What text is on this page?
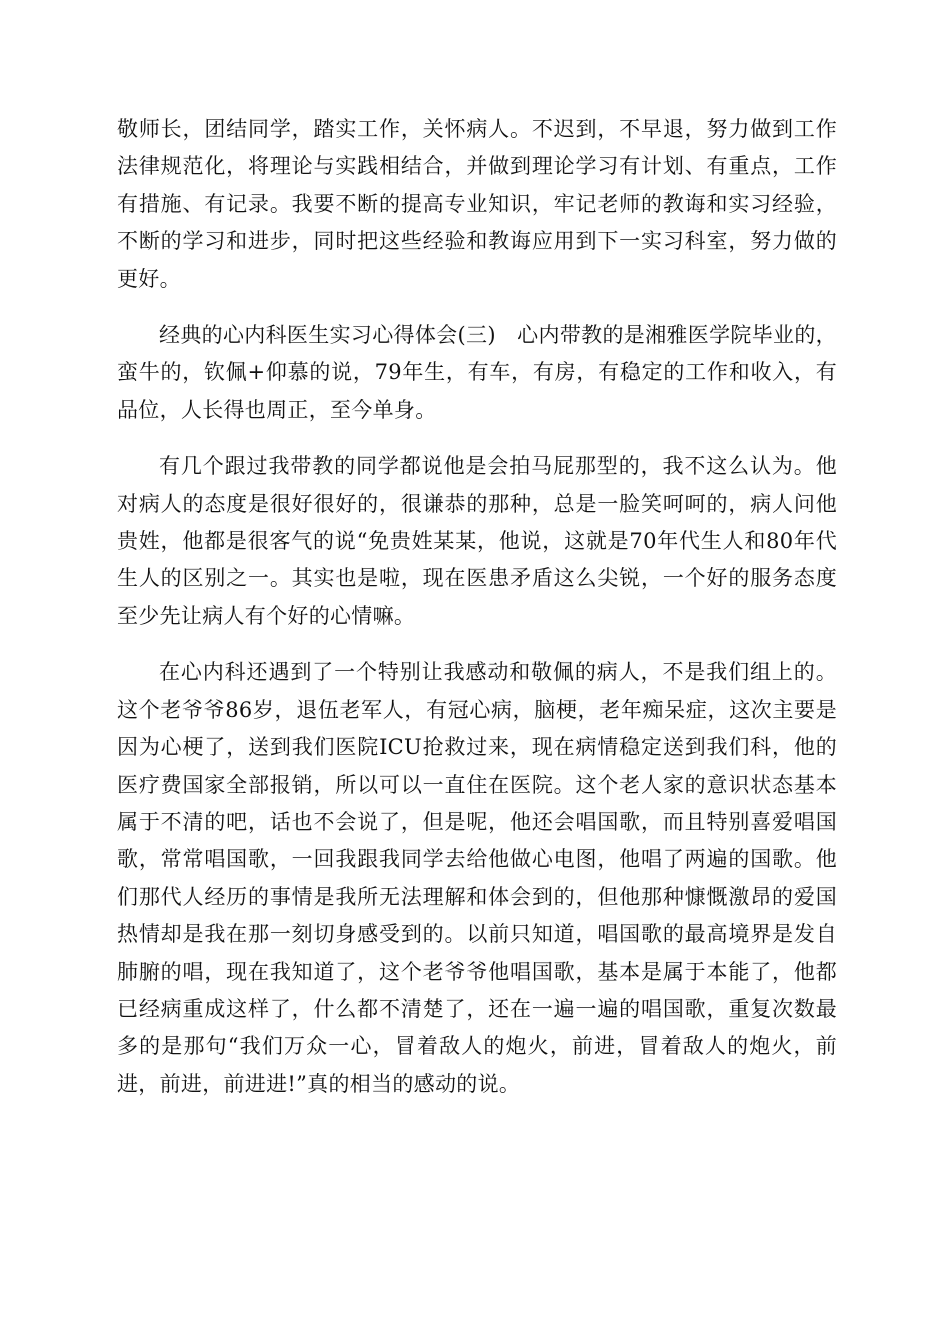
敬师长，团结同学，踏实工作，关怀病人。不迟到，不早退，努力做到工作法律规范化，将理论与实践相结合，并做到理论学习有计划、有重点，工作有措施、有记录。我要不断的提高专业知识，牢记老师的教诲和实习经验，不断的学习和进步，同时把这些经验和教诲应用到下一实习科室，努力做的更好。

经典的心内科医生实习心得体会(三)　心内带教的是湘雅医学院毕业的，蛮牛的，钦佩+仰慕的说，79年生，有车，有房，有稳定的工作和收入，有品位，人长得也周正，至今单身。

有几个跟过我带教的同学都说他是会拍马屁那型的，我不这么认为。他对病人的态度是很好很好的，很谦恭的那种，总是一脸笑呵呵的，病人问他贵姓，他都是很客气的说“免贵姓某某，他说，这就是70年代生人和80年代生人的区别之一。其实也是啦，现在医患矛盾这么尖锐，一个好的服务态度至少先让病人有个好的心情嘛。

在心内科还遇到了一个特别让我感动和敬佩的病人，不是我们组上的。这个老爷爷86岁，退伍老军人，有冠心病，脑梗，老年痴呆症，这次主要是因为心梗了，送到我们医院ICU抢救过来，现在病情稳定送到我们科，他的医疗费国家全部报销，所以可以一直住在医院。这个老人家的意识状态基本属于不清的吧，话也不会说了，但是呢，他还会唱国歌，而且特别喜爱唱国歌，常常唱国歌，一回我跟我同学去给他做心电图，他唱了两遍的国歌。他们那代人经历的事情是我所无法理解和体会到的，但他那种慷慨激昂的爱国热情却是我在那一刻切身感受到的。以前只知道，唱国歌的最高境界是发自肺腑的唱，现在我知道了，这个老爷爷他唱国歌，基本是属于本能了，他都已经病重成这样了，什么都不清楚了，还在一遍一遍的唱国歌，重复次数最多的是那句“我们万众一心，冒着敌人的炮火，前进，冒着敌人的炮火，前进，前进，前进进!”真的相当的感动的说。
